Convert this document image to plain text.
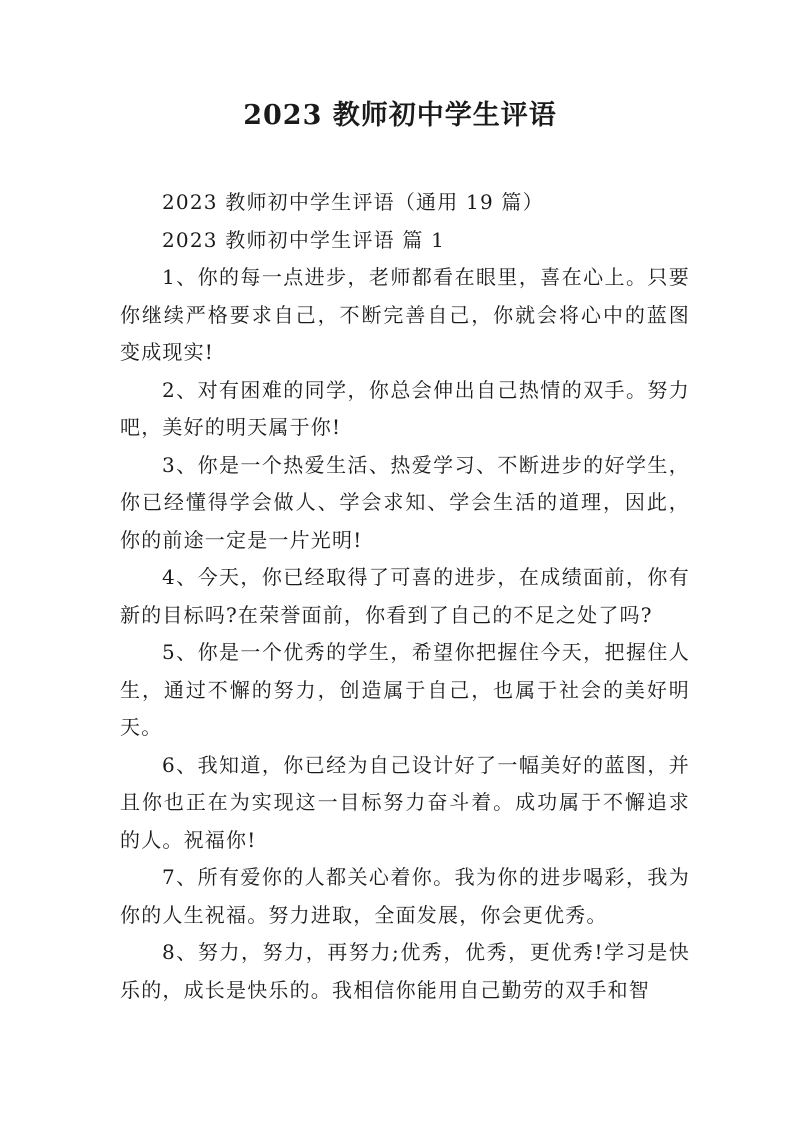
2023 教师初中学生评语

2023 教师初中学生评语（通用 19 篇）

2023 教师初中学生评语 篇 1

1、你的每一点进步，老师都看在眼里，喜在心上。只要你继续严格要求自己，不断完善自己，你就会将心中的蓝图变成现实!

2、对有困难的同学，你总会伸出自己热情的双手。努力吧，美好的明天属于你!

3、你是一个热爱生活、热爱学习、不断进步的好学生，你已经懂得学会做人、学会求知、学会生活的道理，因此，你的前途一定是一片光明!

4、今天，你已经取得了可喜的进步，在成绩面前，你有新的目标吗?在荣誉面前，你看到了自己的不足之处了吗?

5、你是一个优秀的学生，希望你把握住今天，把握住人生，通过不懈的努力，创造属于自己，也属于社会的美好明天。

6、我知道，你已经为自己设计好了一幅美好的蓝图，并且你也正在为实现这一目标努力奋斗着。成功属于不懈追求的人。祝福你!

7、所有爱你的人都关心着你。我为你的进步喝彩，我为你的人生祝福。努力进取，全面发展，你会更优秀。

8、努力，努力，再努力;优秀，优秀，更优秀!学习是快乐的，成长是快乐的。我相信你能用自己勤劳的双手和智
